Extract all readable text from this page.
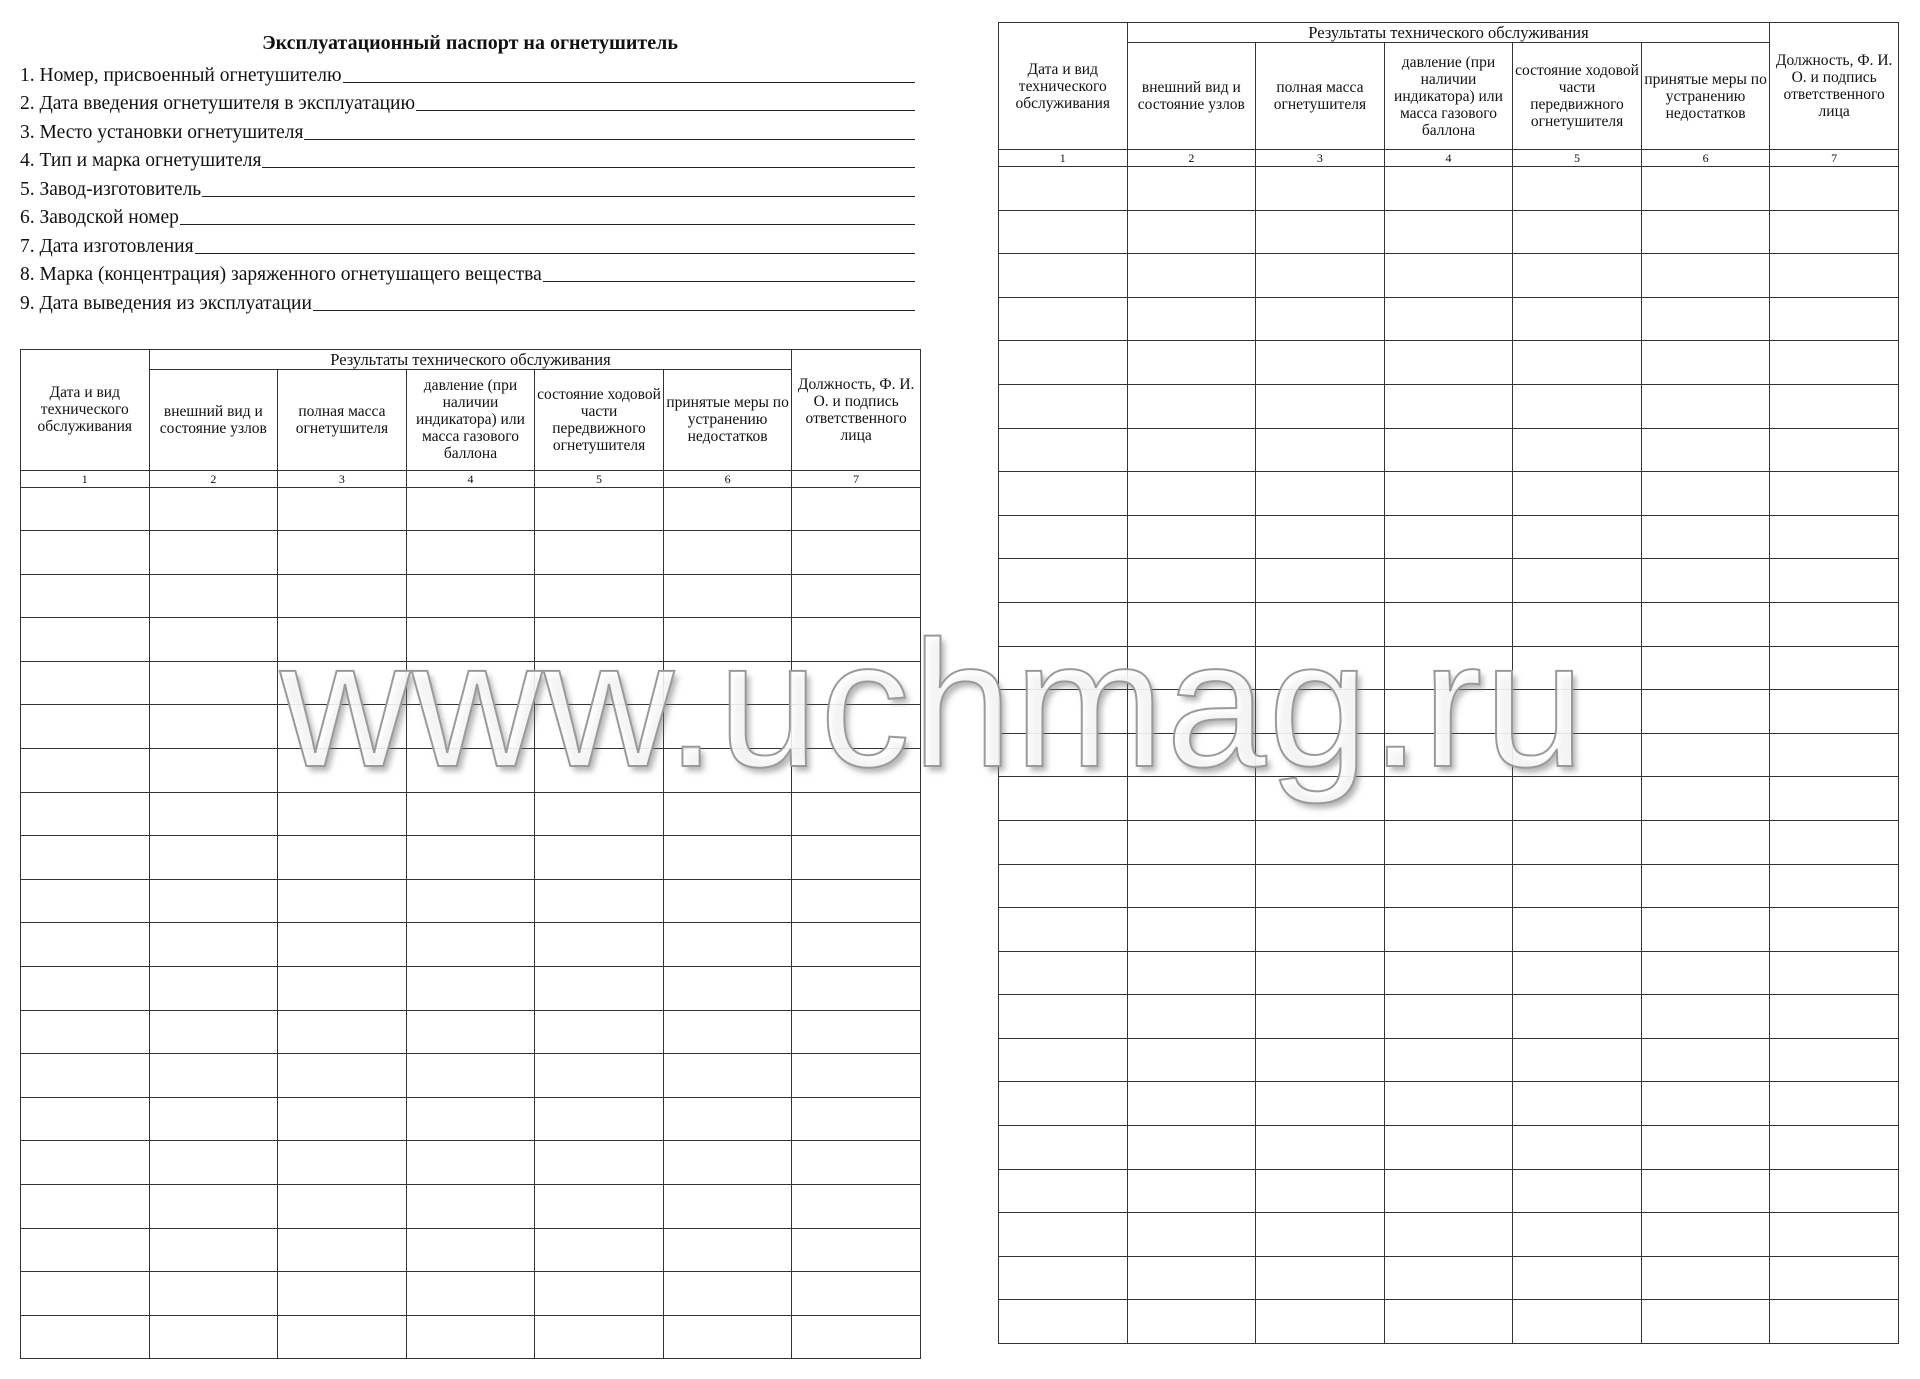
Эксплуатационный паспорт на огнетушитель
1. Номер, присвоенный огнетушителю
2. Дата введения огнетушителя в эксплуатацию
3. Место установки огнетушителя
4. Тип и марка огнетушителя
5. Завод-изготовитель
6. Заводской номер
7. Дата изготовления
8. Марка (концентрация) заряженного огнетушащего вещества
9. Дата выведения из эксплуатации
Дата и вид технического обслуживания	Результаты технического обслуживания					Должность, Ф. И. О. и подпись ответственного лица
	внешний вид и состояние узлов	полная масса огнетушителя	давление (при наличии индикатора) или масса газового баллона	состояние ходовой части передвижного огнетушителя	принятые меры по устранению недостатков	
1	2	3	4	5	6	7

Дата и вид технического обслуживания	Результаты технического обслуживания					Должность, Ф. И. О. и подпись ответственного лица
	внешний вид и состояние узлов	полная масса огнетушителя	давление (при наличии индикатора) или масса газового баллона	состояние ходовой части передвижного огнетушителя	принятые меры по устранению недостатков	
1	2	3	4	5	6	7

www.uchmag.ru
